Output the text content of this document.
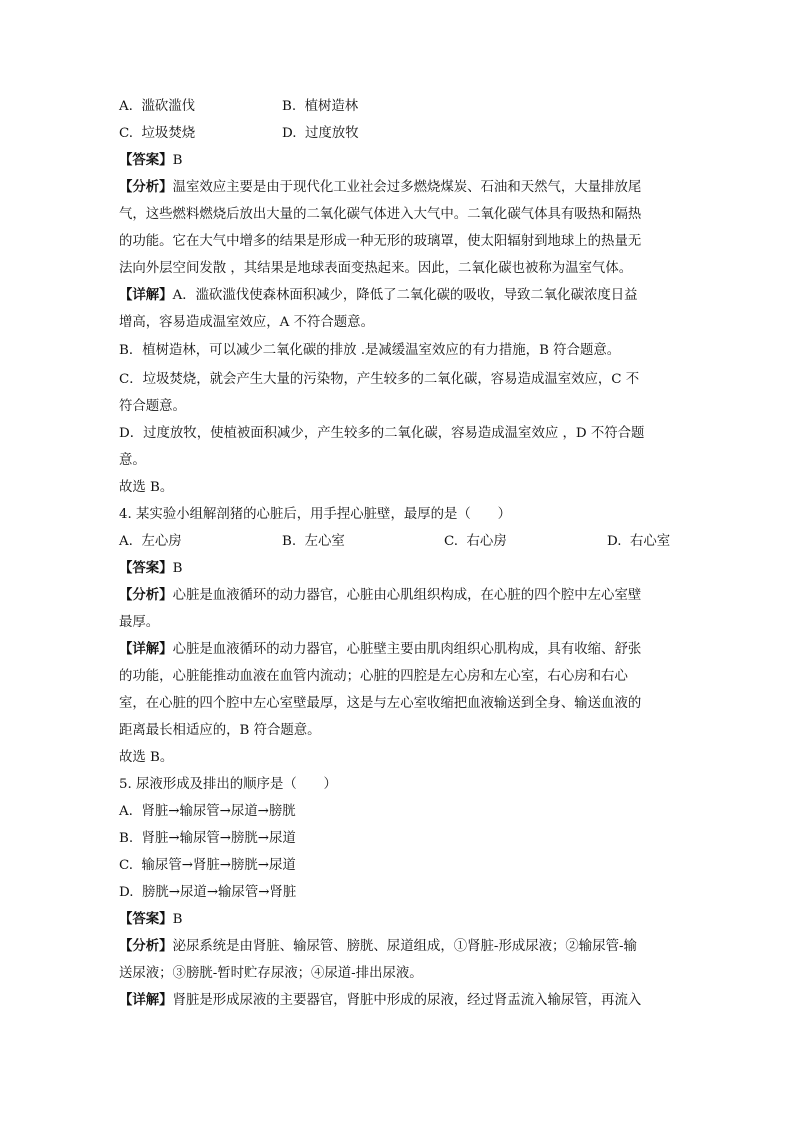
A. 滥砍滥伐	B. 植树造林
C. 垃圾焚烧	D. 过度放牧
【答案】B
【分析】温室效应主要是由于现代化工业社会过多燃烧煤炭、石油和天然气，大量排放尾
气，这些燃料燃烧后放出大量的二氧化碳气体进入大气中。二氧化碳气体具有吸热和隔热
的功能。它在大气中增多的结果是形成一种无形的玻璃罩，使太阳辐射到地球上的热量无
法向外层空间发散 ，其结果是地球表面变热起来。因此，二氧化碳也被称为温室气体。
【详解】A．滥砍滥伐使森林面积减少，降低了二氧化碳的吸收，导致二氧化碳浓度日益
增高，容易造成温室效应，A 不符合题意。
B．植树造林，可以减少二氧化碳的排放 .是减缓温室效应的有力措施，B 符合题意。
C．垃圾焚烧，就会产生大量的污染物，产生较多的二氧化碳，容易造成温室效应，C 不
符合题意。
D．过度放牧，使植被面积减少，产生较多的二氧化碳，容易造成温室效应 ，D 不符合题
意。
故选 B。
4. 某实验小组解剖猪的心脏后，用手捏心脏壁，最厚的是（　　）
A. 左心房	B. 左心室	C. 右心房	D. 右心室
【答案】B
【分析】心脏是血液循环的动力器官，心脏由心肌组织构成，在心脏的四个腔中左心室壁
最厚。
【详解】心脏是血液循环的动力器官，心脏壁主要由肌肉组织心肌构成，具有收缩、舒张
的功能，心脏能推动血液在血管内流动；心脏的四腔是左心房和左心室，右心房和右心
室，在心脏的四个腔中左心室壁最厚，这是与左心室收缩把血液输送到全身、输送血液的
距离最长相适应的，B 符合题意。
故选 B。
5. 尿液形成及排出的顺序是（　　）
A. 肾脏→输尿管→尿道→膀胱
B. 肾脏→输尿管→膀胱→尿道
C. 输尿管→肾脏→膀胱→尿道
D. 膀胱→尿道→输尿管→肾脏
【答案】B
【分析】泌尿系统是由肾脏、输尿管、膀胱、尿道组成，①肾脏-形成尿液；②输尿管-输
送尿液；③膀胱-暂时贮存尿液；④尿道-排出尿液。
【详解】肾脏是形成尿液的主要器官，肾脏中形成的尿液，经过肾盂流入输尿管，再流入
